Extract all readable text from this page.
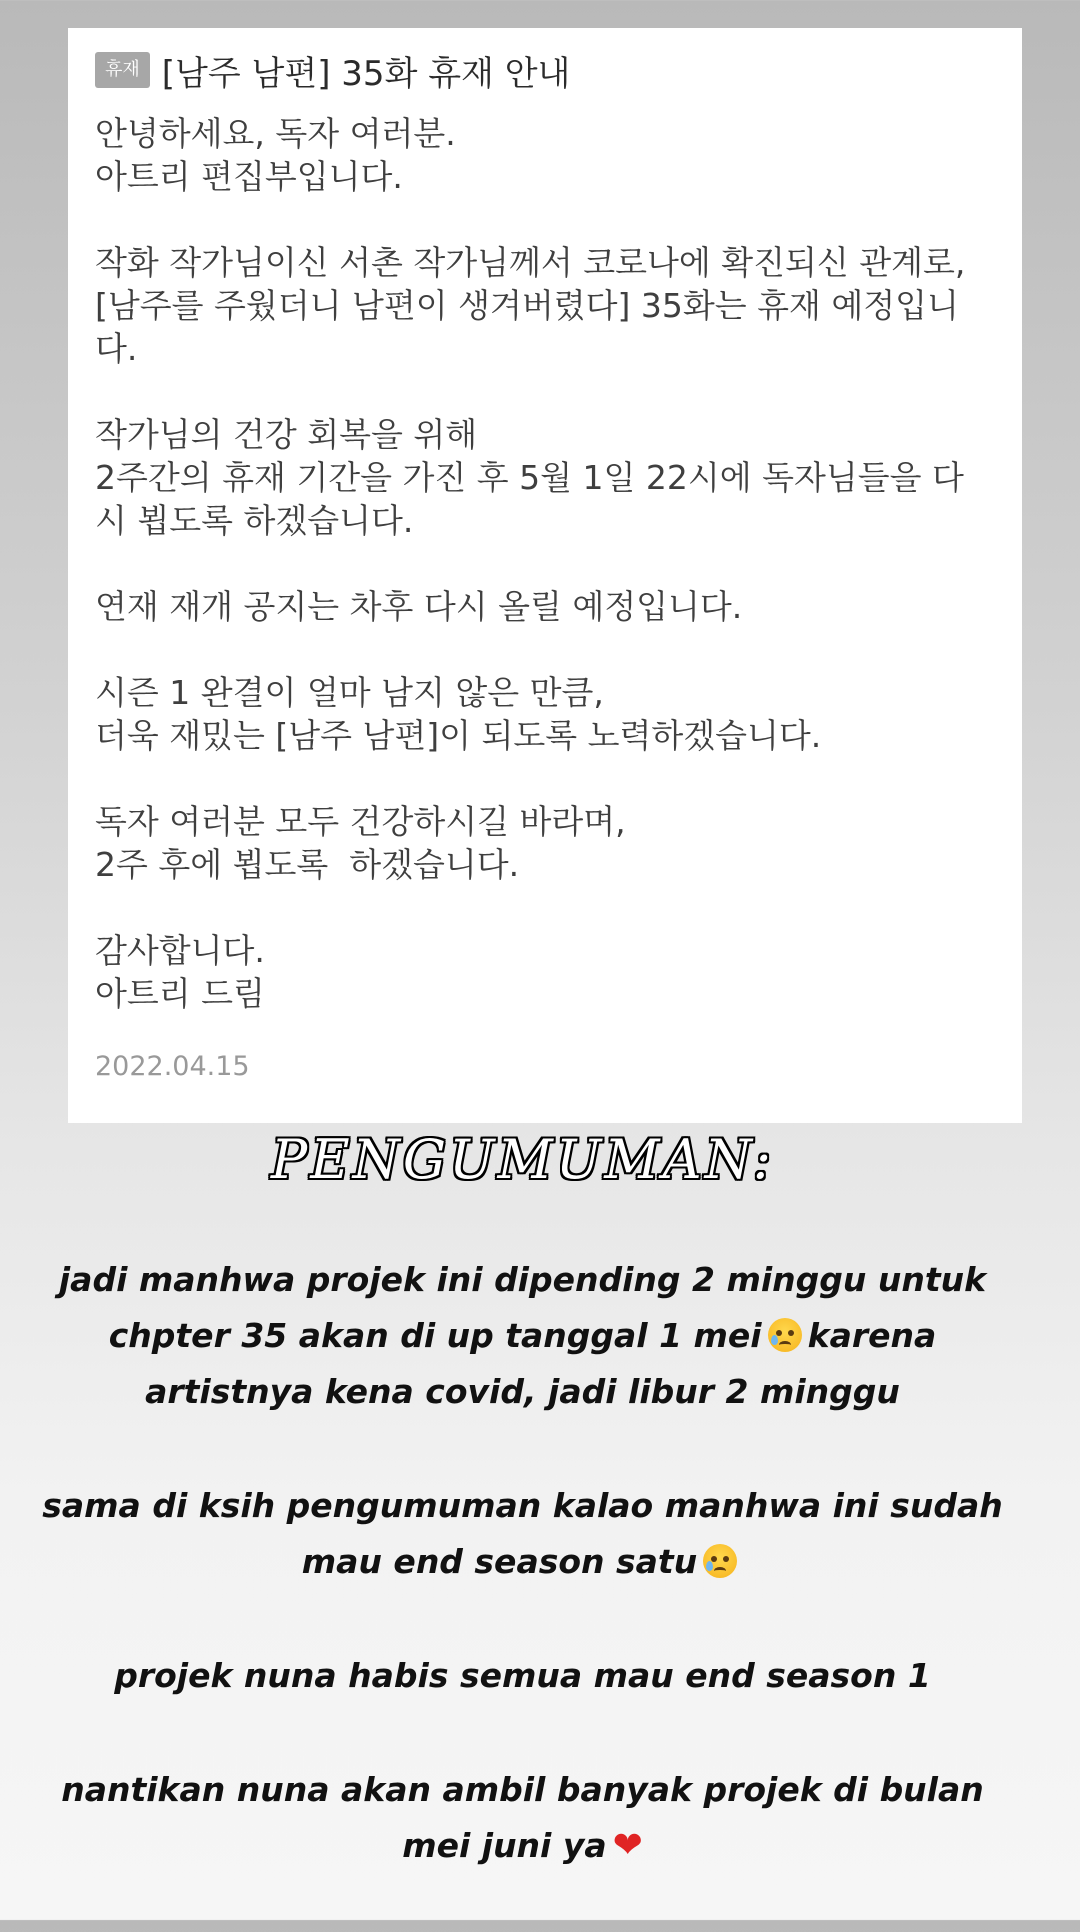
휴재 [남주 남편] 35화 휴재 안내

안녕하세요, 독자 여러분.
아트리 편집부입니다.

작화 작가님이신 서촌 작가님께서 코로나에 확진되신 관계로,
[남주를 주웠더니 남편이 생겨버렸다] 35화는 휴재 예정입니
다.

작가님의 건강 회복을 위해
2주간의 휴재 기간을 가진 후 5월 1일 22시에 독자님들을 다
시 뵙도록 하겠습니다.

연재 재개 공지는 차후 다시 올릴 예정입니다.

시즌 1 완결이 얼마 남지 않은 만큼,
더욱 재밌는 [남주 남편]이 되도록 노력하겠습니다.

독자 여러분 모두 건강하시길 바라며,
2주 후에 뵙도록  하겠습니다.

감사합니다.
아트리 드림

2022.04.15
PENGUMUMAN:

jadi manhwa projek ini dipending 2 minggu untuk
chpter 35 akan di up tanggal 1 mei karena
artistnya kena covid, jadi libur 2 minggu

sama di ksih pengumuman kalao manhwa ini sudah
mau end season satu

projek nuna habis semua mau end season 1

nantikan nuna akan ambil banyak projek di bulan
mei juni ya ❤
